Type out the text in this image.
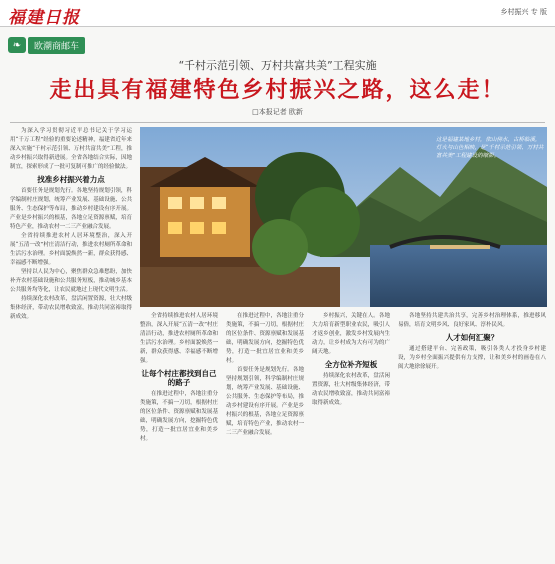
福建日报	乡村振兴 专 版
❧	欧潮商邮车
“千村示范引领、万村共富共美”工程实施
走出具有福建特色乡村振兴之路，这么走！
□本报记者 欧新

为深入学习贯彻习近平总书记关于学习运用“千万工程”经验的重要论述精神，福建省近年来深入实施“千村示范引领、万村共富共美”工程，推动乡村振兴取得新进展。全省各地结合实际，因地制宜，探索形成了一批可复制可推广的经验做法。

找准乡村振兴着力点

首要任务是规划先行。各地坚持规划引领，科学编制村庄规划，统筹产业发展、基础设施、公共服务、生态保护等布局，推动乡村建设有序开展。产业是乡村振兴的根基，各地立足资源禀赋，培育特色产业，推动农村一二三产业融合发展。

全省持续推进农村人居环境整治，深入开展“五清一改”村庄清洁行动，推进农村厕所革命和生活污水治理。乡村面貌焕然一新，群众获得感、幸福感不断增强。

坚持以人民为中心，聚焦群众急难愁盼，加快补齐农村基础设施和公共服务短板，推动城乡基本公共服务均等化，让农民就地过上现代文明生活。

持续深化农村改革，盘活闲置资源，壮大村级集体经济，带动农民增收致富，推动共同富裕取得新成效。

这是福建某地乡村，依山傍水，古桥临溪，灯火与山色相映，是“千村示范引领、万村共富共美”工程建设的缩影。

全省持续推进农村人居环境整治，深入开展“五清一改”村庄清洁行动，推进农村厕所革命和生活污水治理。乡村面貌焕然一新，群众获得感、幸福感不断增强。

让每个村庄都找到自己的路子

在推进过程中，各地注重分类施策，不搞一刀切，根据村庄的区位条件、资源禀赋和发展基础，明确发展方向，挖掘特色优势，打造一批宜居宜业和美乡村。

在推进过程中，各地注重分类施策，不搞一刀切，根据村庄的区位条件、资源禀赋和发展基础，明确发展方向，挖掘特色优势，打造一批宜居宜业和美乡村。

首要任务是规划先行。各地坚持规划引领，科学编制村庄规划，统筹产业发展、基础设施、公共服务、生态保护等布局，推动乡村建设有序开展。产业是乡村振兴的根基，各地立足资源禀赋，培育特色产业，推动农村一二三产业融合发展。

乡村振兴，关键在人。各地大力培育新型职业农民，吸引人才返乡创业，激发乡村发展内生动力，让乡村成为大有可为的广阔天地。

全方位补齐短板

持续深化农村改革，盘活闲置资源，壮大村级集体经济，带动农民增收致富，推动共同富裕取得新成效。

各地坚持共建共治共享，完善乡村治理体系，推进移风易俗，培育文明乡风、良好家风、淳朴民风。

人才如何汇聚？

通过搭建平台、完善政策，吸引各类人才投身乡村建设，为乡村全面振兴提供有力支撑，让和美乡村的画卷在八闽大地徐徐展开。
